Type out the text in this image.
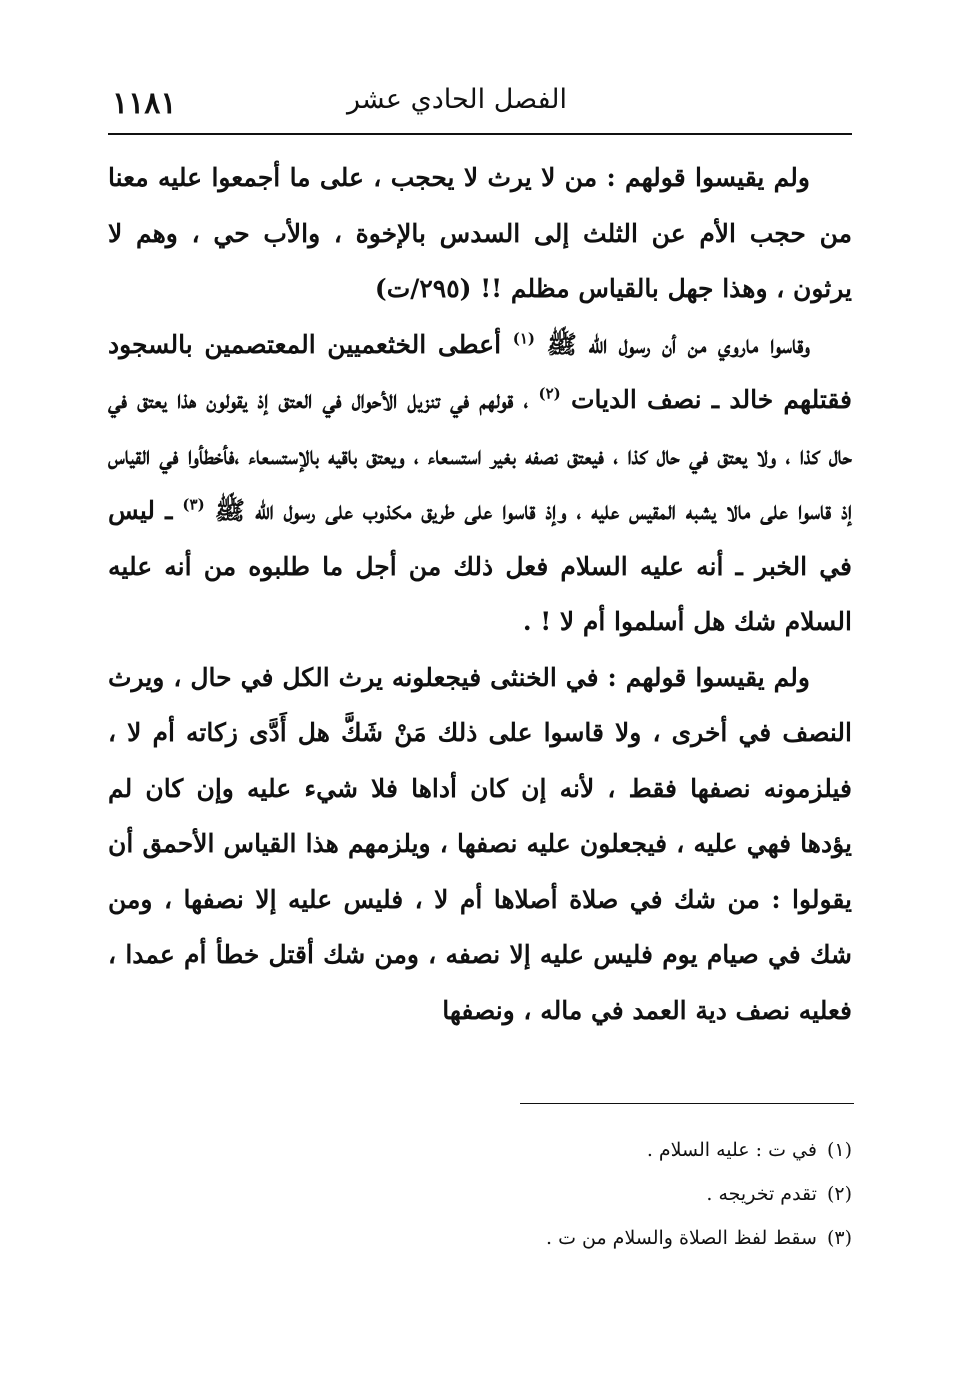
١١٨١	الفصل الحادي عشر

ولم يقيسوا قولهم : من لا يرث لا يحجب ، على ما أجمعوا عليه معنا من حجب الأم عن الثلث إلى السدس بالإخوة ، والأب حي ، وهم لا يرثون ، وهذا جهل بالقياس مظلم !! (٢٩٥/ت)

وقاسوا ماروي من أن رسول الله ﷺ $^{(١)}$ أعطى الخثعميين المعتصمين بالسجود فقتلهم خالد ـ نصف الديات $^{(٢)}$ ، قولهم في تنزيل الأحوال في العتق إذ يقولون هذا يعتق في حال كذا ، ولا يعتق في حال كذا ، فيعتق نصفه بغير استسعاء ، ويعتق باقيه بالإستسعاء ،فأخطأوا في القياس إذ قاسوا على مالا يشبه المقيس عليه ، وإذ قاسوا على طريق مكذوب على رسول الله ﷺ $^{(٣)}$ ـ ليس في الخبر ـ أنه عليه السلام فعل ذلك من أجل ما طلبوه من أنه عليه السلام شك هل أسلموا أم لا ! .

ولم يقيسوا قولهم : في الخنثى فيجعلونه يرث الكل في حال ، ويرث النصف في أخرى ، ولا قاسوا على ذلك مَنْ شَكَّ هل أَدَّى زكاته أم لا ، فيلزمونه نصفها فقط ، لأنه إن كان أداها فلا شيء عليه وإن كان لم يؤدها فهي عليه ، فيجعلون عليه نصفها ، ويلزمهم هذا القياس الأحمق أن يقولوا : من شك في صلاة أصلاها أم لا ، فليس عليه إلا نصفها ، ومن شك في صيام يوم فليس عليه إلا نصفه ، ومن شك أقتل خطأ أم عمدا ، فعليه نصف دية العمد في ماله ، ونصفها

(١)في ت : عليه السلام .
(٢)تقدم تخريجه .
(٣)سقط لفظ الصلاة والسلام من ت .
